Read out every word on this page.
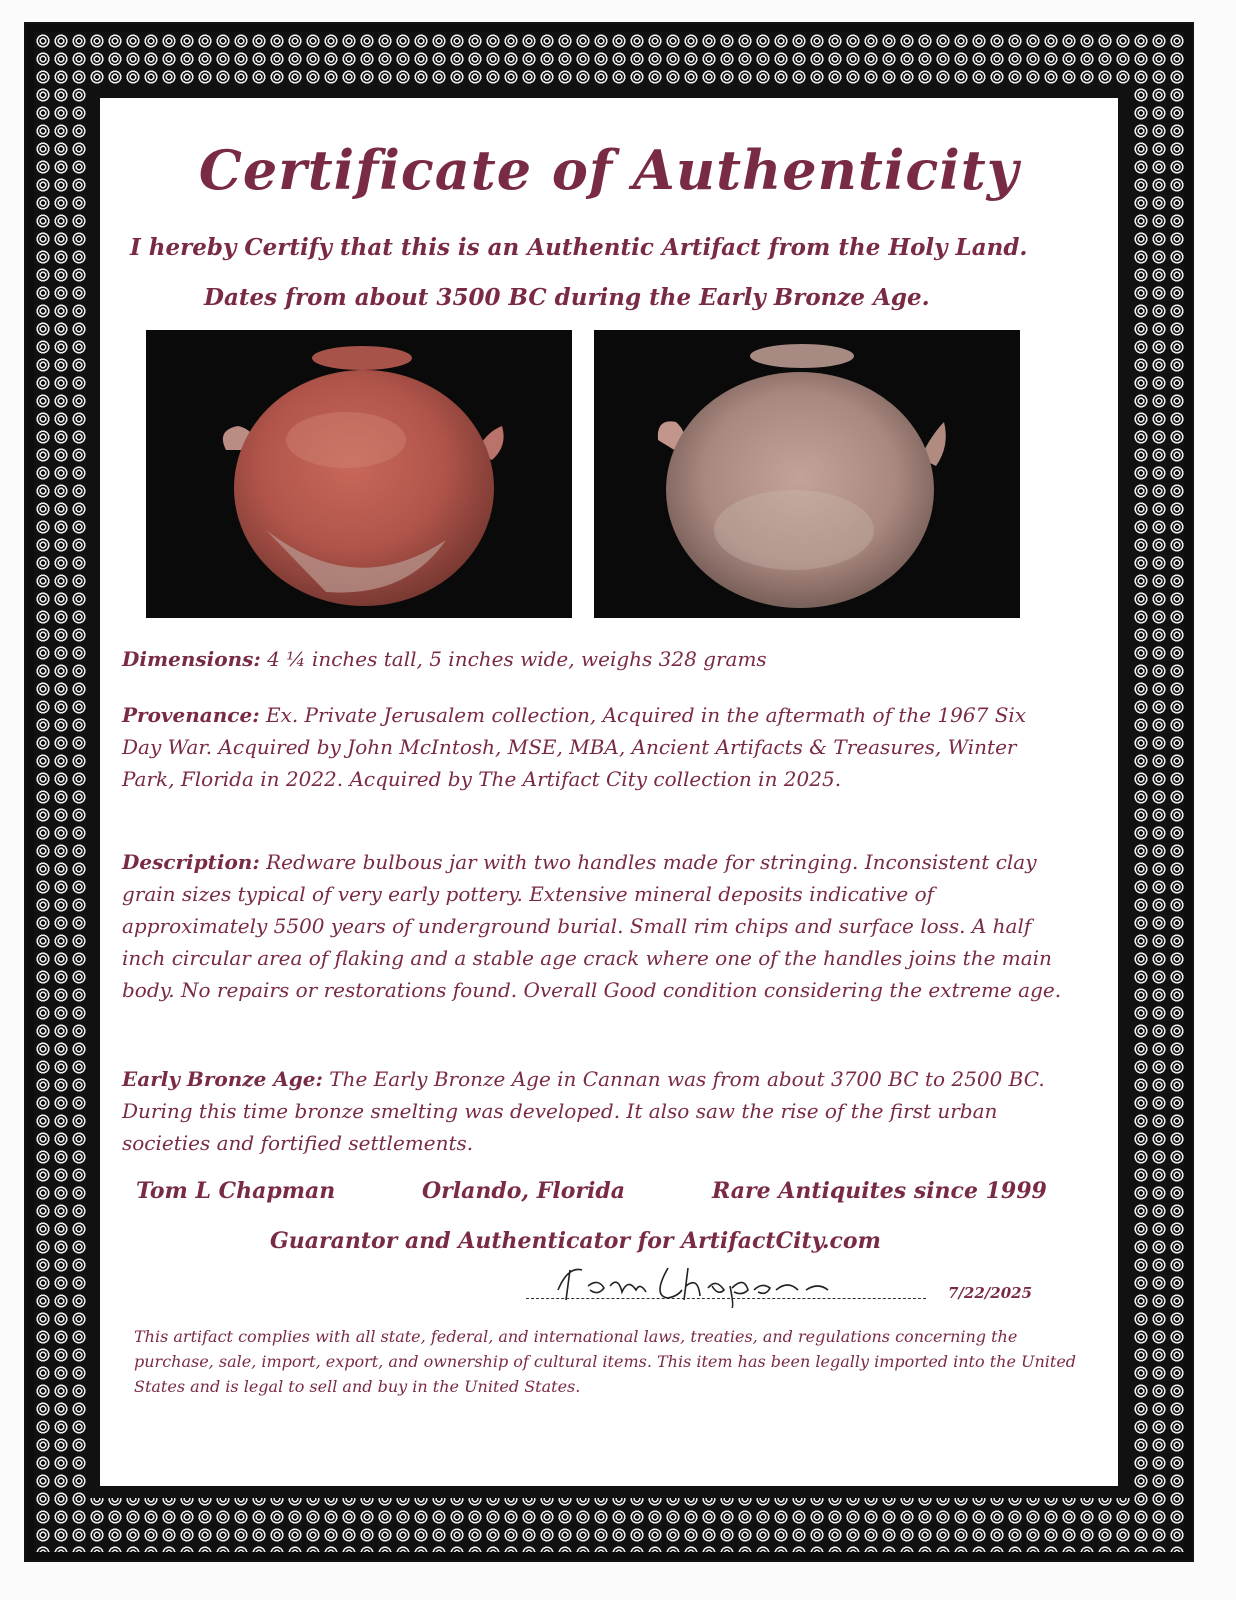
Certificate of Authenticity
I hereby Certify that this is an Authentic Artifact from the Holy Land.
Dates from about 3500 BC during the Early Bronze Age.
Dimensions: 4 ¼ inches tall, 5 inches wide, weighs 328 grams
Provenance: Ex. Private Jerusalem collection, Acquired in the aftermath of the 1967 Six Day War. Acquired by John McIntosh, MSE, MBA, Ancient Artifacts & Treasures, Winter Park, Florida in 2022. Acquired by The Artifact City collection in 2025.
Description: Redware bulbous jar with two handles made for stringing. Inconsistent clay grain sizes typical of very early pottery. Extensive mineral deposits indicative of approximately 5500 years of underground burial. Small rim chips and surface loss. A half inch circular area of flaking and a stable age crack where one of the handles joins the main body. No repairs or restorations found. Overall Good condition considering the extreme age.
Early Bronze Age: The Early Bronze Age in Cannan was from about 3700 BC to 2500 BC. During this time bronze smelting was developed. It also saw the rise of the first urban societies and fortified settlements.
Tom L Chapman	Orlando, Florida	Rare Antiquites since 1999
Guarantor and Authenticator for ArtifactCity.com
7/22/2025
This artifact complies with all state, federal, and international laws, treaties, and regulations concerning the purchase, sale, import, export, and ownership of cultural items. This item has been legally imported into the United States and is legal to sell and buy in the United States.
